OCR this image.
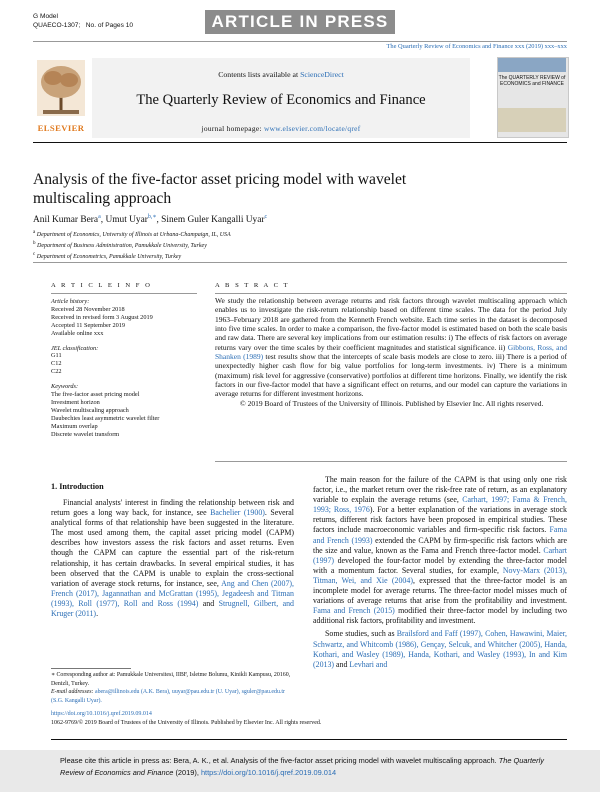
G Model
QUAECO-1307; No. of Pages 10	ARTICLE IN PRESS
The Quarterly Review of Economics and Finance xxx (2019) xxx–xxx
ELSEVIER
Contents lists available at ScienceDirect
The Quarterly Review of Economics and Finance
journal homepage: www.elsevier.com/locate/qref
The QUARTERLY REVIEW of ECONOMICS and FINANCE
Analysis of the five-factor asset pricing model with wavelet
multiscaling approach
Anil Kumar Bera$^a$, Umut Uyar$^{b,∗}$, Sinem Guler Kangalli Uyar$^c$
$^a$ Department of Economics, University of Illinois at Urbana-Champaign, IL, USA
$^b$ Department of Business Administration, Pamukkale University, Turkey
$^c$ Department of Econometrics, Pamukkale University, Turkey
A R T I C L E I N F O	A B S T R A C T
Article history:
Received 28 November 2018
Received in revised form 3 August 2019
Accepted 11 September 2019
Available online xxx
JEL classification:
G11
C12
C22
Keywords:
The five-factor asset pricing model
Investment horizon
Wavelet multiscaling approach
Daubechies least asymmetric wavelet filter
Maximum overlap
Discrete wavelet transform
We study the relationship between average returns and risk factors through wavelet multiscaling approach which enables us to investigate the risk-return relationship based on different time scales. The data for the period July 1963–February 2018 are gathered from the Kenneth French website. Each time series in the dataset is decomposed into five time scales. In order to make a comparison, the five-factor model is estimated based on both the scale basis and raw data. There are several key implications from our estimation results: i) The effects of risk factors on average returns vary over the time scales by their coefficient magnitudes and statistical significance. ii) Gibbons, Ross, and Shanken (1989) test results show that the intercepts of scale basis models are close to zero. iii) There is a period of unexpectedly higher cash flow for big value portfolios for long-term investments. iv) There is a minimum (maximum) risk level for aggressive (conservative) portfolios at different time horizons. Finally, we identify the risk factors in our five-factor model that have a significant effect on returns, and our model can capture the variations in average returns for different investment horizons.
© 2019 Board of Trustees of the University of Illinois. Published by Elsevier Inc. All rights reserved.
1. Introduction

Financial analysts' interest in finding the relationship between risk and return goes a long way back, for instance, see Bachelier (1900). Several analytical forms of that relationship have been suggested in the literature. The most used among them, the capital asset pricing model (CAPM) describes how investors assess the risk factors and asset returns. Even though the CAPM can capture the essential part of the risk-return relationship, it has certain drawbacks. In several empirical studies, it has been observed that the CAPM is unable to explain the cross-sectional variation of average stock returns, for instance, see, Ang and Chen (2007), French (2017), Jagannathan and McGrattan (1995), Jegadeesh and Titman (1993), Roll (1977), Roll and Ross (1994) and Strugnell, Gilbert, and Kruger (2011).

The main reason for the failure of the CAPM is that using only one risk factor, i.e., the market return over the risk-free rate of return, as an explanatory variable to explain the average returns (see, Carhart, 1997; Fama & French, 1993; Ross, 1976). For a better explanation of the variations in average stock returns, different risk factors have been proposed in empirical studies. These factors include macroeconomic variables and firm-specific risk factors. Fama and French (1993) extended the CAPM by firm-specific risk factors which are the size and value, known as the Fama and French three-factor model. Carhart (1997) developed the four-factor model by extending the three-factor model with a momentum factor. Several studies, for example, Novy-Marx (2013), Titman, Wei, and Xie (2004), expressed that the three-factor model is an incomplete model for average returns. The three-factor model misses much of variations of average returns that arise from the profitability and investment. Fama and French (2015) modified their three-factor model by including two additional risk factors, profitability and investment.

Some studies, such as Brailsford and Faff (1997), Cohen, Hawawini, Maier, Schwartz, and Whitcomb (1986), Gençay, Selcuk, and Whitcher (2005), Handa, Kothari, and Wasley (1989), Handa, Kothari, and Wasley (1993), In and Kim (2013) and Levhari and

∗ Corresponding author at: Pamukkale Universitesi, IIBF, Isletme Bolumu, Kinikli Kampusu, 20160, Denizli, Turkey.
E-mail addresses: abera@illinois.edu (A.K. Bera), uuyar@pau.edu.tr (U. Uyar), sguler@pau.edu.tr (S.G. Kangalli Uyar).
https://doi.org/10.1016/j.qref.2019.09.014
1062-9769/© 2019 Board of Trustees of the University of Illinois. Published by Elsevier Inc. All rights reserved.
Please cite this article in press as: Bera, A. K., et al. Analysis of the five-factor asset pricing model with wavelet multiscaling approach. The Quarterly Review of Economics and Finance (2019), https://doi.org/10.1016/j.qref.2019.09.014
